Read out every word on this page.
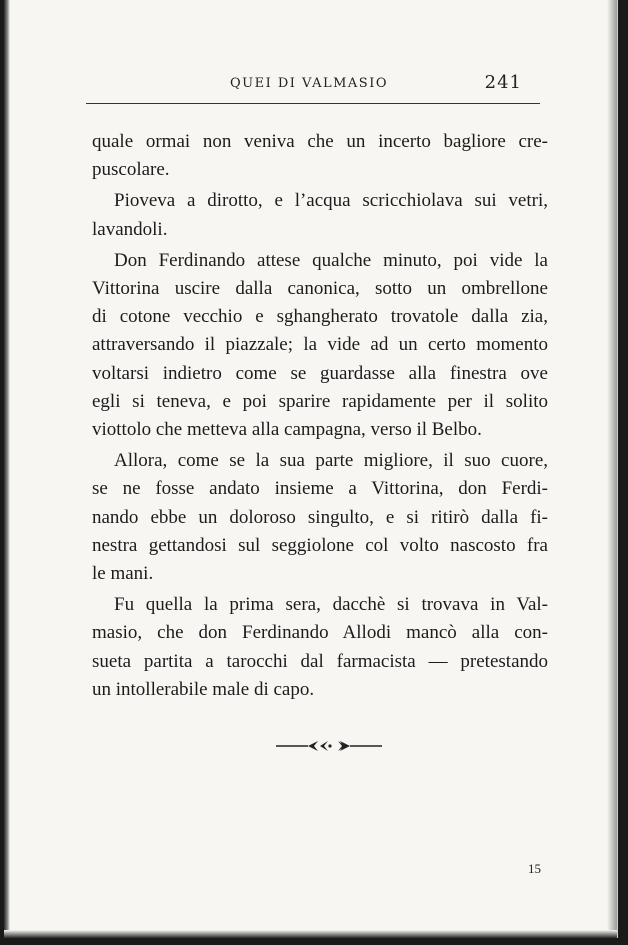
QUEI DI VALMASIO	241

quale ormai non veniva che un incerto bagliore cre-
puscolare.

Pioveva a dirotto, e l’acqua scricchiolava sui vetri,
lavandoli.

Don Ferdinando attese qualche minuto, poi vide la
Vittorina uscire dalla canonica, sotto un ombrellone
di cotone vecchio e sghangherato trovatole dalla zia,
attraversando il piazzale; la vide ad un certo momento
voltarsi indietro come se guardasse alla finestra ove
egli si teneva, e poi sparire rapidamente per il solito
viottolo che metteva alla campagna, verso il Belbo.

Allora, come se la sua parte migliore, il suo cuore,
se ne fosse andato insieme a Vittorina, don Ferdi-
nando ebbe un doloroso singulto, e si ritirò dalla fi-
nestra gettandosi sul seggiolone col volto nascosto fra
le mani.

Fu quella la prima sera, dacchè si trovava in Val-
masio, che don Ferdinando Allodi mancò alla con-
sueta partita a tarocchi dal farmacista — pretestando
un intollerabile male di capo.

15
